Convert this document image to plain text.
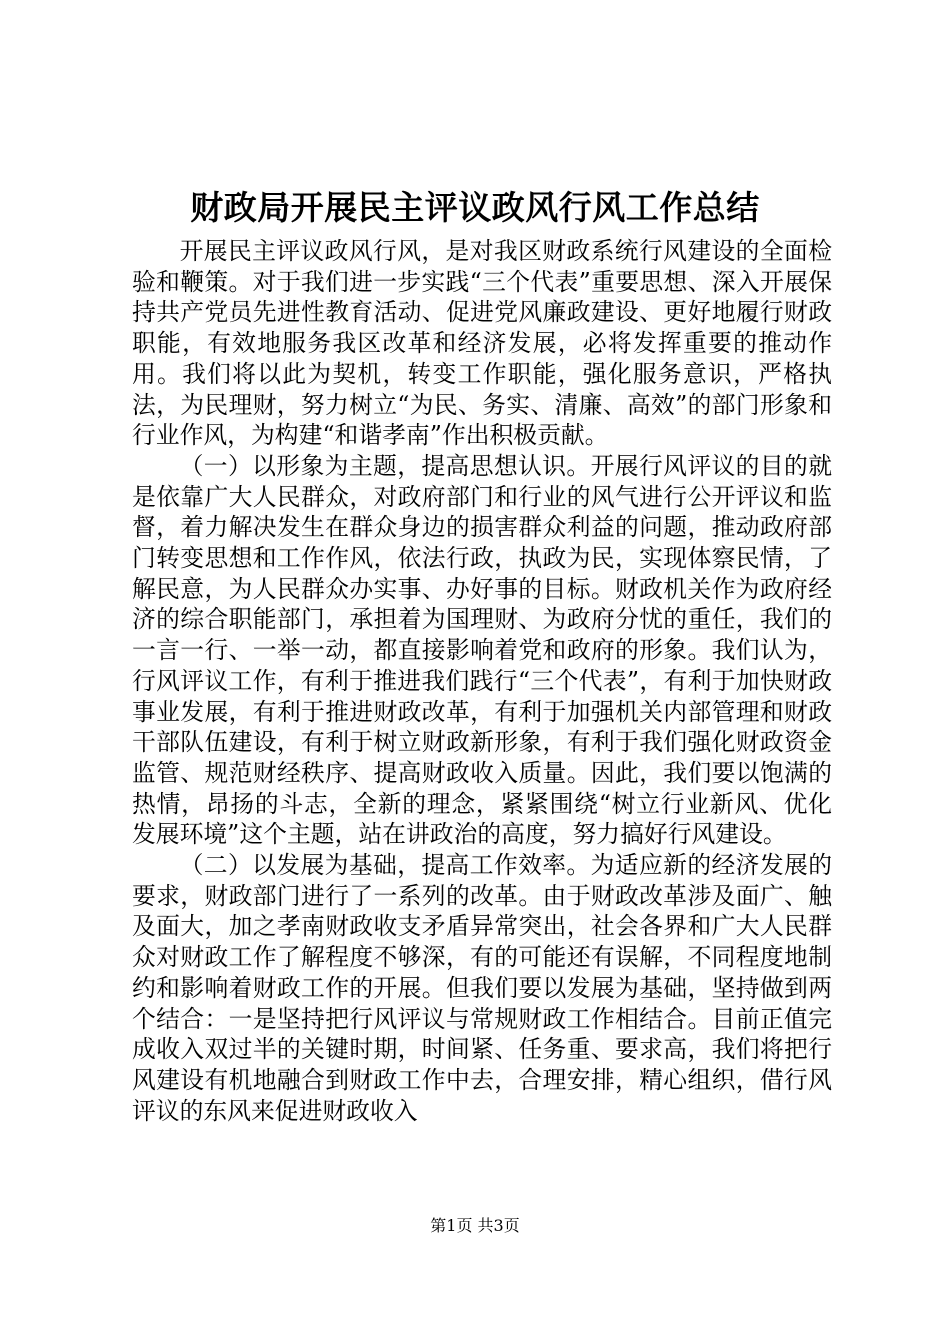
财政局开展民主评议政风行风工作总结

开展民主评议政风行风，是对我区财政系统行风建设的全面检验和鞭策。对于我们进一步实践“三个代表”重要思想、深入开展保持共产党员先进性教育活动、促进党风廉政建设、更好地履行财政职能，有效地服务我区改革和经济发展，必将发挥重要的推动作用。我们将以此为契机，转变工作职能，强化服务意识，严格执法，为民理财，努力树立“为民、务实、清廉、高效”的部门形象和行业作风，为构建“和谐孝南”作出积极贡献。

（一）以形象为主题，提高思想认识。开展行风评议的目的就是依靠广大人民群众，对政府部门和行业的风气进行公开评议和监督，着力解决发生在群众身边的损害群众利益的问题，推动政府部门转变思想和工作作风，依法行政，执政为民，实现体察民情，了解民意，为人民群众办实事、办好事的目标。财政机关作为政府经济的综合职能部门，承担着为国理财、为政府分忧的重任，我们的一言一行、一举一动，都直接影响着党和政府的形象。我们认为，行风评议工作，有利于推进我们践行“三个代表”，有利于加快财政事业发展，有利于推进财政改革，有利于加强机关内部管理和财政干部队伍建设，有利于树立财政新形象，有利于我们强化财政资金监管、规范财经秩序、提高财政收入质量。因此，我们要以饱满的热情，昂扬的斗志，全新的理念，紧紧围绕“树立行业新风、优化发展环境”这个主题，站在讲政治的高度，努力搞好行风建设。

（二）以发展为基础，提高工作效率。为适应新的经济发展的要求，财政部门进行了一系列的改革。由于财政改革涉及面广、触及面大，加之孝南财政收支矛盾异常突出，社会各界和广大人民群众对财政工作了解程度不够深，有的可能还有误解，不同程度地制约和影响着财政工作的开展。但我们要以发展为基础，坚持做到两个结合：一是坚持把行风评议与常规财政工作相结合。目前正值完成收入双过半的关键时期，时间紧、任务重、要求高，我们将把行风建设有机地融合到财政工作中去，合理安排，精心组织，借行风评议的东风来促进财政收入

第1页 共3页
